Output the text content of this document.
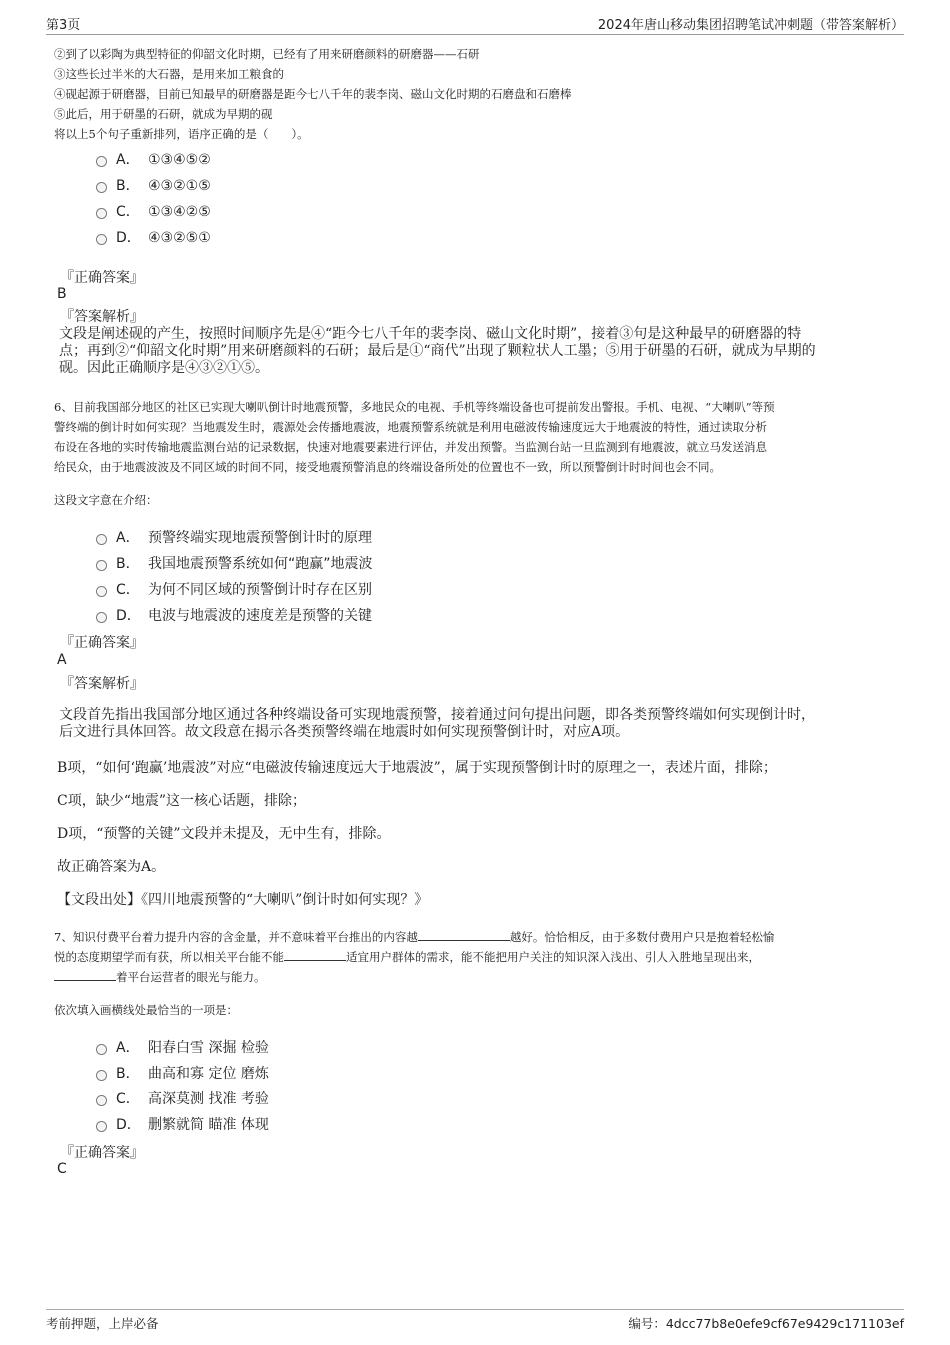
第3页	2024年唐山移动集团招聘笔试冲刺题（带答案解析）
②到了以彩陶为典型特征的仰韶文化时期，已经有了用来研磨颜料的研磨器——石研
③这些长过半米的大石器，是用来加工粮食的
④砚起源于研磨器，目前已知最早的研磨器是距今七八千年的裴李岗、磁山文化时期的石磨盘和石磨棒
⑤此后，用于研墨的石研，就成为早期的砚
将以上5个句子重新排列，语序正确的是（　　）。
A． ①③④⑤②
B． ④③②①⑤
C． ①③④②⑤
D． ④③②⑤①
『正确答案』
B
『答案解析』
文段是阐述砚的产生，按照时间顺序先是④“距今七八千年的裴李岗、磁山文化时期”，接着③句是这种最早的研磨器的特
点；再到②“仰韶文化时期”用来研磨颜料的石研；最后是①“商代”出现了颗粒状人工墨；⑤用于研墨的石研，就成为早期的
砚。因此正确顺序是④③②①⑤。
6、目前我国部分地区的社区已实现大喇叭倒计时地震预警，多地民众的电视、手机等终端设备也可提前发出警报。手机、电视、“大喇叭”等预
警终端的倒计时如何实现？当地震发生时，震源处会传播地震波，地震预警系统就是利用电磁波传输速度远大于地震波的特性，通过读取分析
布设在各地的实时传输地震监测台站的记录数据，快速对地震要素进行评估，并发出预警。当监测台站一旦监测到有地震波，就立马发送消息
给民众，由于地震波波及不同区域的时间不同，接受地震预警消息的终端设备所处的位置也不一致，所以预警倒计时时间也会不同。
这段文字意在介绍：
A． 预警终端实现地震预警倒计时的原理
B． 我国地震预警系统如何“跑赢”地震波
C． 为何不同区域的预警倒计时存在区别
D． 电波与地震波的速度差是预警的关键
『正确答案』
A
『答案解析』
文段首先指出我国部分地区通过各种终端设备可实现地震预警，接着通过问句提出问题，即各类预警终端如何实现倒计时，
后文进行具体回答。故文段意在揭示各类预警终端在地震时如何实现预警倒计时，对应A项。
B项，“如何‘跑赢’地震波”对应“电磁波传输速度远大于地震波”，属于实现预警倒计时的原理之一，表述片面，排除；
C项，缺少“地震”这一核心话题，排除；
D项，“预警的关键”文段并未提及，无中生有，排除。
故正确答案为A。
【文段出处】《四川地震预警的“大喇叭”倒计时如何实现？》
7、知识付费平台着力提升内容的含金量，并不意味着平台推出的内容越	越好。恰恰相反，由于多数付费用户只是抱着轻松愉
悦的态度期望学而有获，所以相关平台能不能	适宜用户群体的需求，能不能把用户关注的知识深入浅出、引人入胜地呈现出来，
着平台运营者的眼光与能力。
依次填入画横线处最恰当的一项是：
A． 阳春白雪 深掘 检验
B． 曲高和寡 定位 磨炼
C． 高深莫测 找准 考验
D． 删繁就简 瞄准 体现
『正确答案』
C
考前押题，上岸必备	编号：4dcc77b8e0efe9cf67e9429c171103ef
